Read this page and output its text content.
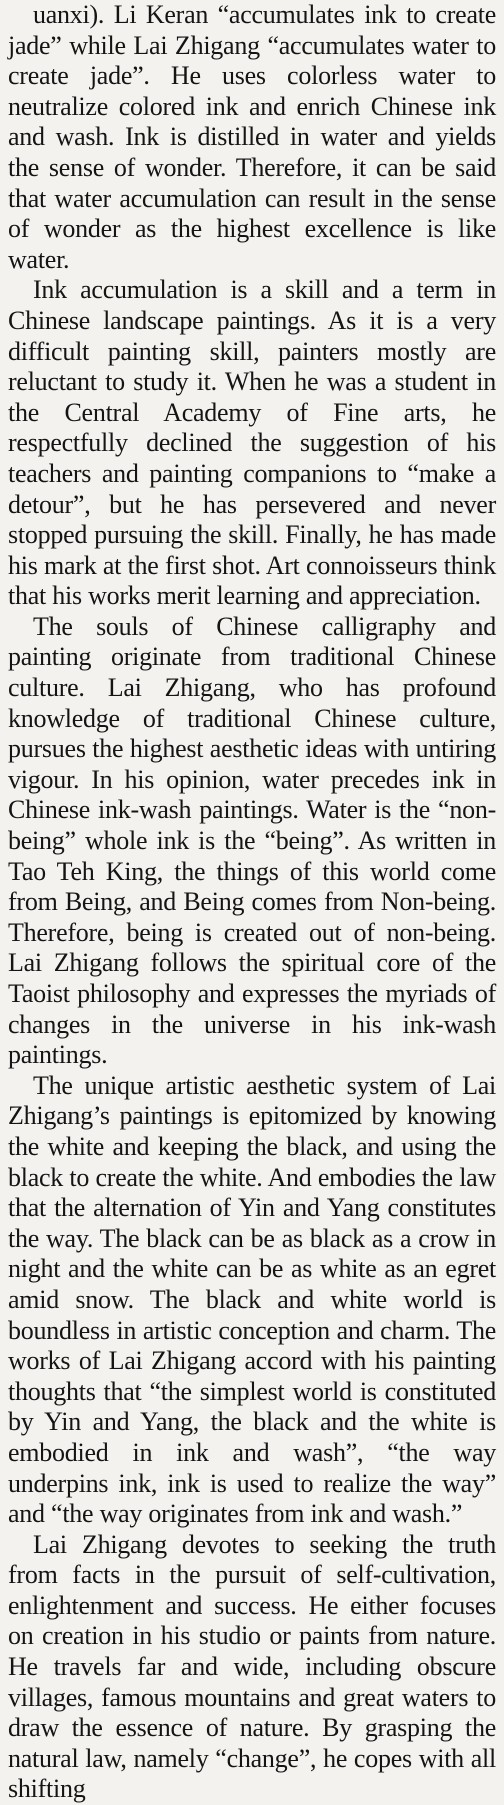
uanxi). Li Keran “accumulates ink to create jade” while Lai Zhigang “accumulates water to create jade”. He uses colorless water to neutralize colored ink and enrich Chinese ink and wash. Ink is distilled in water and yields the sense of wonder. Therefore, it can be said that water accumulation can result in the sense of wonder as the highest excellence is like water.

Ink accumulation is a skill and a term in Chinese landscape paintings. As it is a very difficult painting skill, painters mostly are reluctant to study it. When he was a student in the Central Academy of Fine arts, he respectfully declined the suggestion of his teachers and painting companions to “make a detour”, but he has persevered and never stopped pursuing the skill. Finally, he has made his mark at the first shot. Art connoisseurs think that his works merit learning and appreciation.

The souls of Chinese calligraphy and painting originate from traditional Chinese culture. Lai Zhigang, who has profound knowledge of traditional Chinese culture, pursues the highest aesthetic ideas with untiring vigour. In his opinion, water precedes ink in Chinese ink-wash paintings. Water is the “non-being” whole ink is the “being”. As written in Tao Teh King, the things of this world come from Being, and Being comes from Non-being. Therefore, being is created out of non-being. Lai Zhigang follows the spiritual core of the Taoist philosophy and expresses the myriads of changes in the universe in his ink-wash paintings.

The unique artistic aesthetic system of Lai Zhigang’s paintings is epitomized by knowing the white and keeping the black, and using the black to create the white. And embodies the law that the alternation of Yin and Yang constitutes the way. The black can be as black as a crow in night and the white can be as white as an egret amid snow. The black and white world is boundless in artistic conception and charm. The works of Lai Zhigang accord with his painting thoughts that “the simplest world is constituted by Yin and Yang, the black and the white is embodied in ink and wash”, “the way underpins ink, ink is used to realize the way” and “the way originates from ink and wash.”

Lai Zhigang devotes to seeking the truth from facts in the pursuit of self-cultivation, enlightenment and success. He either focuses on creation in his studio or paints from nature. He travels far and wide, including obscure villages, famous mountains and great waters to draw the essence of nature. By grasping the natural law, namely “change”, he copes with all shifting
